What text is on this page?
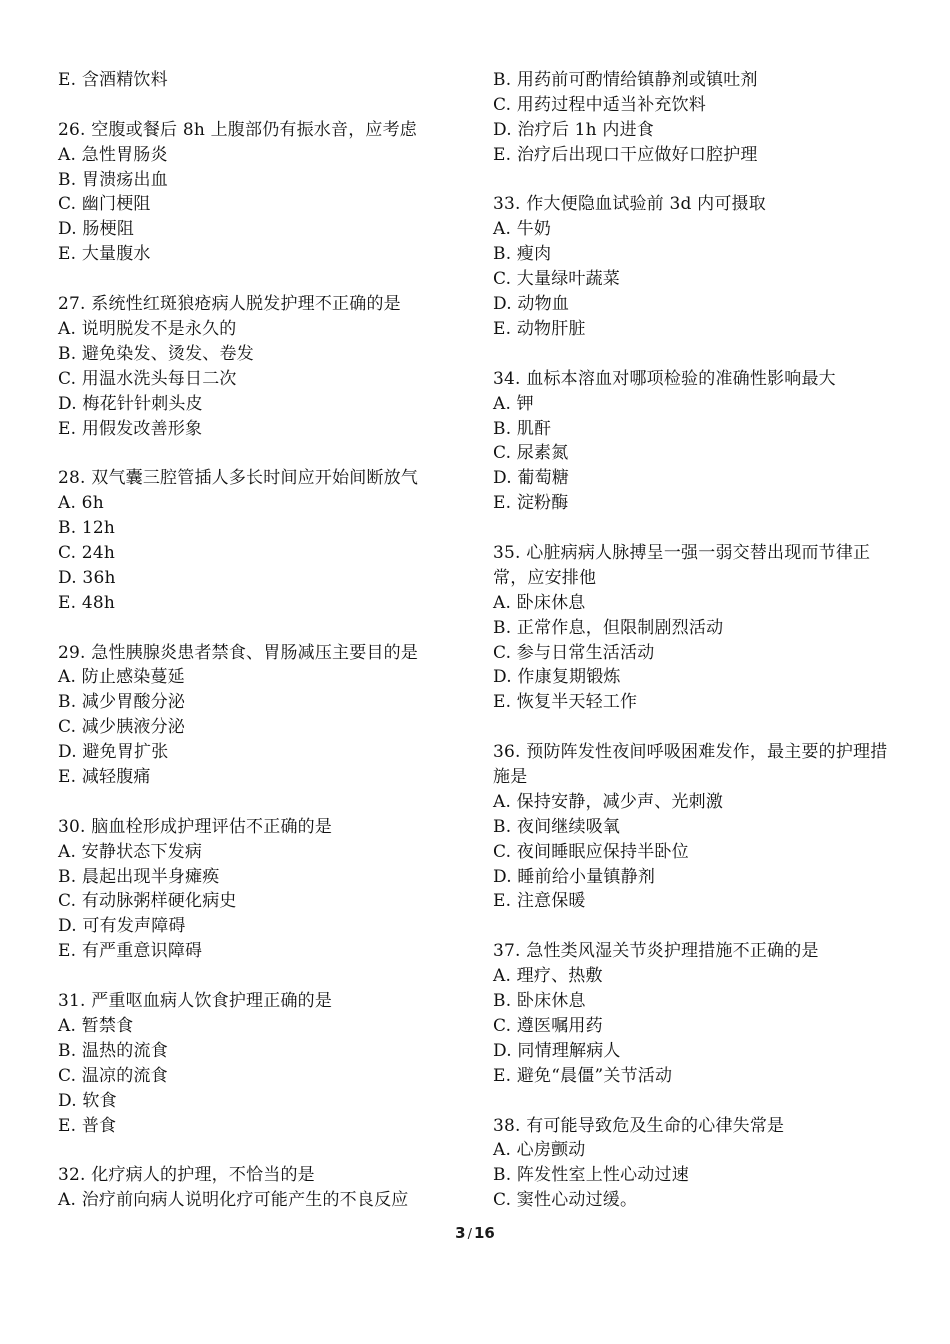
E. 含酒精饮料
26. 空腹或餐后 8h 上腹部仍有振水音，应考虑
A. 急性胃肠炎
B. 胃溃疡出血
C. 幽门梗阻
D. 肠梗阻
E. 大量腹水
27. 系统性红斑狼疮病人脱发护理不正确的是
A. 说明脱发不是永久的
B. 避免染发、烫发、卷发
C. 用温水洗头每日二次
D. 梅花针针刺头皮
E. 用假发改善形象
28. 双气囊三腔管插人多长时间应开始间断放气
A. 6h
B. 12h
C. 24h
D. 36h
E. 48h
29. 急性胰腺炎患者禁食、胃肠减压主要目的是
A. 防止感染蔓延
B. 减少胃酸分泌
C. 减少胰液分泌
D. 避免胃扩张
E. 减轻腹痛
30. 脑血栓形成护理评估不正确的是
A. 安静状态下发病
B. 晨起出现半身瘫痪
C. 有动脉粥样硬化病史
D. 可有发声障碍
E. 有严重意识障碍
31. 严重呕血病人饮食护理正确的是
A. 暂禁食
B. 温热的流食
C. 温凉的流食
D. 软食
E. 普食
32. 化疗病人的护理，不恰当的是
A. 治疗前向病人说明化疗可能产生的不良反应
B. 用药前可酌情给镇静剂或镇吐剂
C. 用药过程中适当补充饮料
D. 治疗后 1h 内进食
E. 治疗后出现口干应做好口腔护理
33. 作大便隐血试验前 3d 内可摄取
A. 牛奶
B. 瘦肉
C. 大量绿叶蔬菜
D. 动物血
E. 动物肝脏
34. 血标本溶血对哪项检验的准确性影响最大
A. 钾
B. 肌酐
C. 尿素氮
D. 葡萄糖
E. 淀粉酶
35. 心脏病病人脉搏呈一强一弱交替出现而节律正常，应安排他
A. 卧床休息
B. 正常作息，但限制剧烈活动
C. 参与日常生活活动
D. 作康复期锻炼
E. 恢复半天轻工作
36. 预防阵发性夜间呼吸困难发作，最主要的护理措施是
A. 保持安静，减少声、光刺激
B. 夜间继续吸氧
C. 夜间睡眠应保持半卧位
D. 睡前给小量镇静剂
E. 注意保暖
37. 急性类风湿关节炎护理措施不正确的是
A. 理疗、热敷
B. 卧床休息
C. 遵医嘱用药
D. 同情理解病人
E. 避免“晨僵”关节活动
38. 有可能导致危及生命的心律失常是
A. 心房颤动
B. 阵发性室上性心动过速
C. 窦性心动过缓。
3 / 16
